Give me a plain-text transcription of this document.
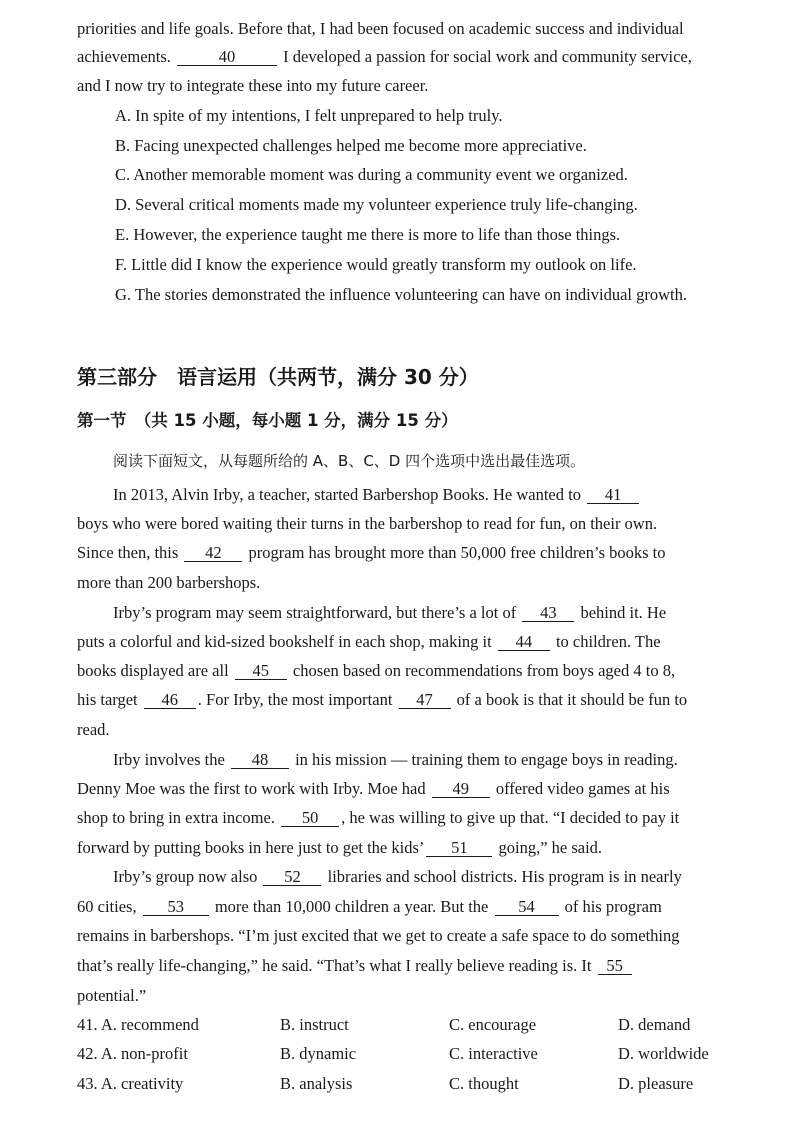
priorities and life goals. Before that, I had been focused on academic success and individual
achievements.	40	I developed a passion for social work and community service,
and I now try to integrate these into my future career.
A. In spite of my intentions, I felt unprepared to help truly.
B. Facing unexpected challenges helped me become more appreciative.
C. Another memorable moment was during a community event we organized.
D. Several critical moments made my volunteer experience truly life-changing.
E. However, the experience taught me there is more to life than those things.
F. Little did I know the experience would greatly transform my outlook on life.
G. The stories demonstrated the influence volunteering can have on individual growth.
第三部分　语言运用（共两节，满分 30 分）
第一节　（共 15 小题，每小题 1 分，满分 15 分）
阅读下面短文，从每题所给的 A、B、C、D 四个选项中选出最佳选项。
In 2013, Alvin Irby, a teacher, started Barbershop Books. He wanted to 41
boys who were bored waiting their turns in the barbershop to read for fun, on their own.
Since then, this 42 program has brought more than 50,000 free children’s books to
more than 200 barbershops.
Irby’s program may seem straightforward, but there’s a lot of 43 behind it. He
puts a colorful and kid-sized bookshelf in each shop, making it 44 to children. The
books displayed are all 45 chosen based on recommendations from boys aged 4 to 8,
his target 46 . For Irby, the most important 47 of a book is that it should be fun to
read.
Irby involves the 48 in his mission — training them to engage boys in reading.
Denny Moe was the first to work with Irby. Moe had 49 offered video games at his
shop to bring in extra income. 50 , he was willing to give up that. “I decided to pay it
forward by putting books in here just to get the kids’ 51 going,” he said.
Irby’s group now also 52 libraries and school districts. His program is in nearly
60 cities, 53 more than 10,000 children a year. But the 54 of his program
remains in barbershops. “I’m just excited that we get to create a safe space to do something
that’s really life-changing,” he said. “That’s what I really believe reading is. It 55
potential.”
41. A. recommend	B. instruct	C. encourage	D. demand
42. A. non-profit	B. dynamic	C. interactive	D. worldwide
43. A. creativity	B. analysis	C. thought	D. pleasure
